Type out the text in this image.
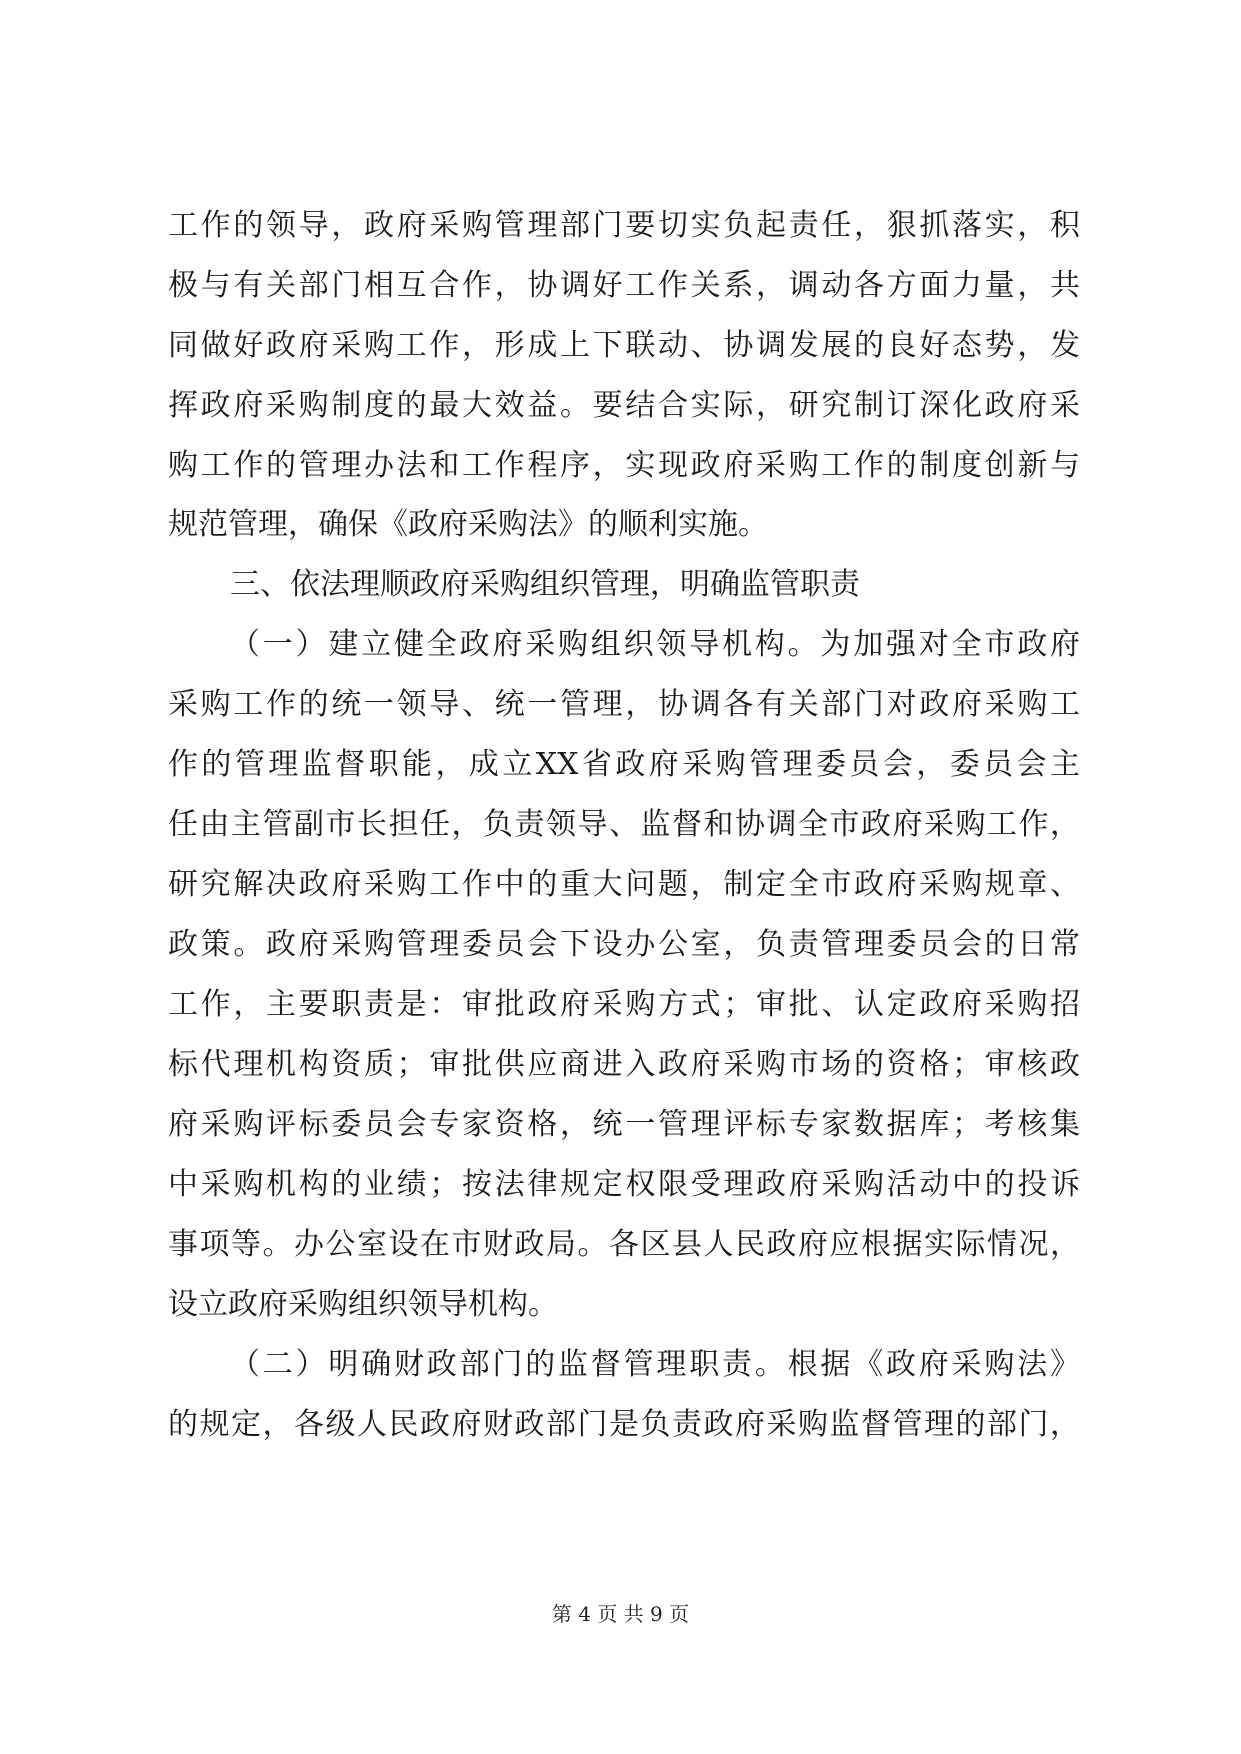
工作的领导，政府采购管理部门要切实负起责任，狠抓落实，积
极与有关部门相互合作，协调好工作关系，调动各方面力量，共
同做好政府采购工作，形成上下联动、协调发展的良好态势，发
挥政府采购制度的最大效益。要结合实际，研究制订深化政府采
购工作的管理办法和工作程序，实现政府采购工作的制度创新与
规范管理，确保《政府采购法》的顺利实施。
三、依法理顺政府采购组织管理，明确监管职责
（一）建立健全政府采购组织领导机构。为加强对全市政府
采购工作的统一领导、统一管理，协调各有关部门对政府采购工
作的管理监督职能，成立XX省政府采购管理委员会，委员会主
任由主管副市长担任，负责领导、监督和协调全市政府采购工作，
研究解决政府采购工作中的重大问题，制定全市政府采购规章、
政策。政府采购管理委员会下设办公室，负责管理委员会的日常
工作，主要职责是：审批政府采购方式；审批、认定政府采购招
标代理机构资质；审批供应商进入政府采购市场的资格；审核政
府采购评标委员会专家资格，统一管理评标专家数据库；考核集
中采购机构的业绩；按法律规定权限受理政府采购活动中的投诉
事项等。办公室设在市财政局。各区县人民政府应根据实际情况，
设立政府采购组织领导机构。
（二）明确财政部门的监督管理职责。根据《政府采购法》
的规定，各级人民政府财政部门是负责政府采购监督管理的部门，
第 4 页 共 9 页
